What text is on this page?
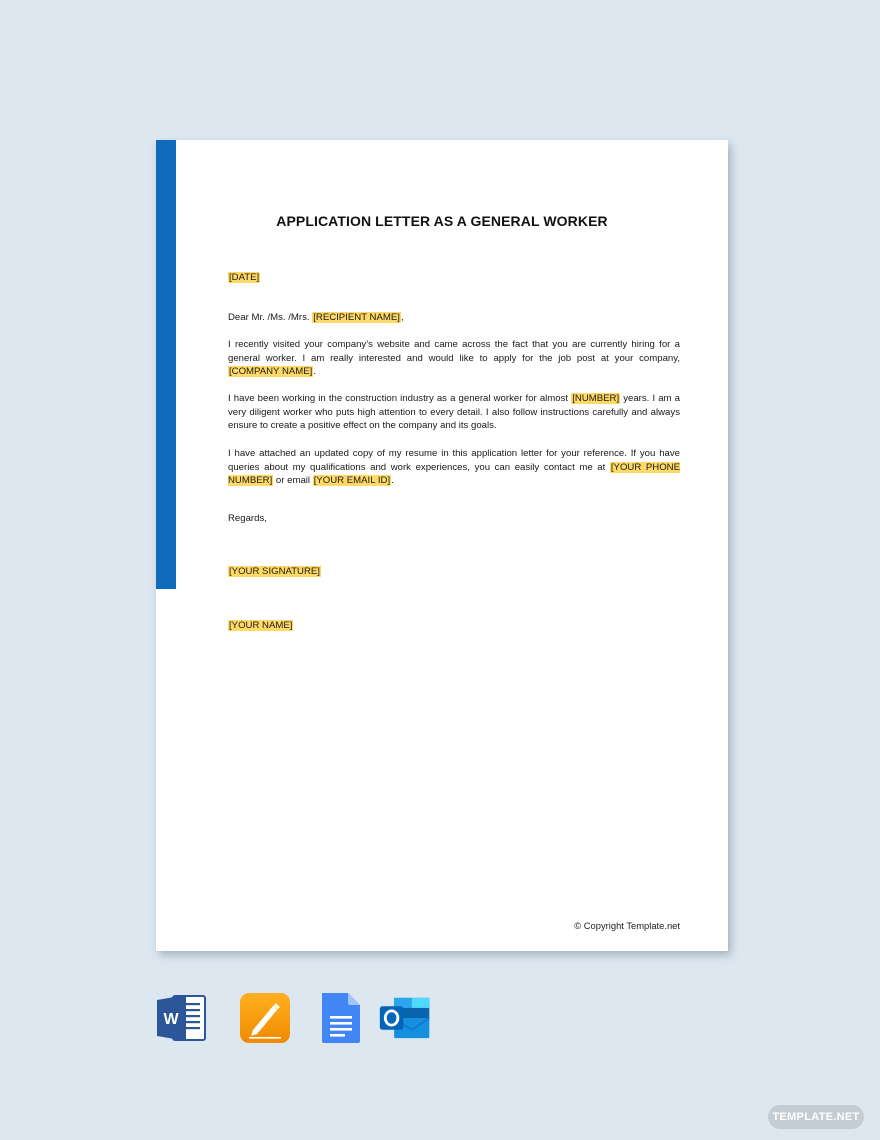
APPLICATION LETTER AS A GENERAL WORKER
[DATE]
Dear Mr. /Ms. /Mrs. [RECIPIENT NAME],
I recently visited your company’s website and came across the fact that you are currently hiring for a general worker. I am really interested and would like to apply for the job post at your company, [COMPANY NAME].
I have been working in the construction industry as a general worker for almost [NUMBER] years. I am a very diligent worker who puts high attention to every detail. I also follow instructions carefully and always ensure to create a positive effect on the company and its goals.
I have attached an updated copy of my resume in this application letter for your reference. If you have queries about my qualifications and work experiences, you can easily contact me at [YOUR PHONE NUMBER] or email [YOUR EMAIL ID].
Regards,
[YOUR SIGNATURE]
[YOUR NAME]
© Copyright Template.net
W
TEMPLATE.NET
